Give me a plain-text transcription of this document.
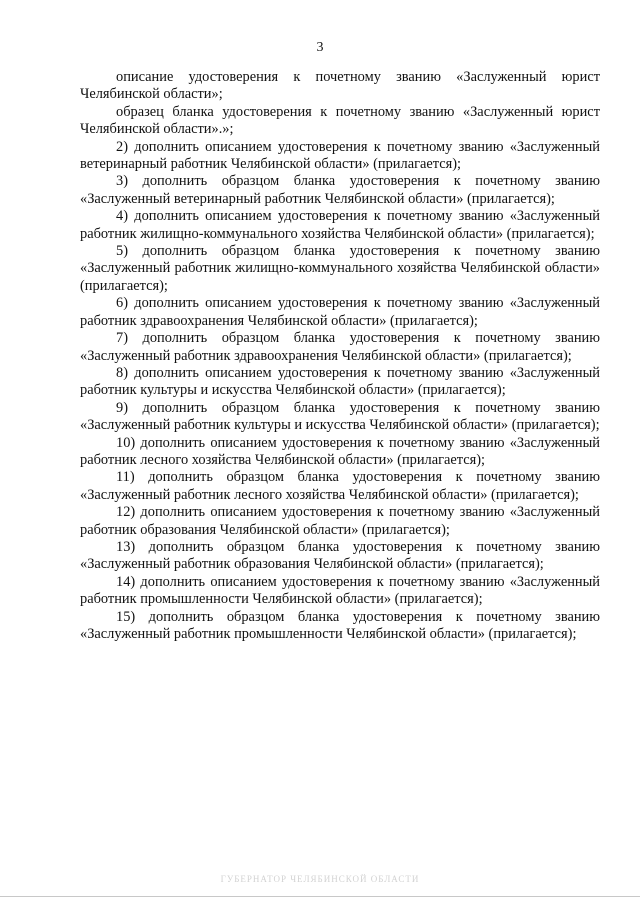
3

описание удостоверения к почетному званию «Заслуженный юрист Челябинской области»;

образец бланка удостоверения к почетному званию «Заслуженный юрист Челябинской области».»;

2) дополнить описанием удостоверения к почетному званию «Заслуженный ветеринарный работник Челябинской области» (прилагается);

3) дополнить образцом бланка удостоверения к почетному званию «Заслуженный ветеринарный работник Челябинской области» (прилагается);

4) дополнить описанием удостоверения к почетному званию «Заслуженный работник жилищно-коммунального хозяйства Челябинской области» (прилагается);

5) дополнить образцом бланка удостоверения к почетному званию «Заслуженный работник жилищно-коммунального хозяйства Челябинской области» (прилагается);

6) дополнить описанием удостоверения к почетному званию «Заслуженный работник здравоохранения Челябинской области» (прилагается);

7) дополнить образцом бланка удостоверения к почетному званию «Заслуженный работник здравоохранения Челябинской области» (прилагается);

8) дополнить описанием удостоверения к почетному званию «Заслуженный работник культуры и искусства Челябинской области» (прилагается);

9) дополнить образцом бланка удостоверения к почетному званию «Заслуженный работник культуры и искусства Челябинской области» (прилагается);

10) дополнить описанием удостоверения к почетному званию «Заслуженный работник лесного хозяйства Челябинской области» (прилагается);

11) дополнить образцом бланка удостоверения к почетному званию «Заслуженный работник лесного хозяйства Челябинской области» (прилагается);

12) дополнить описанием удостоверения к почетному званию «Заслуженный работник образования Челябинской области» (прилагается);

13) дополнить образцом бланка удостоверения к почетному званию «Заслуженный работник образования Челябинской области» (прилагается);

14) дополнить описанием удостоверения к почетному званию «Заслуженный работник промышленности Челябинской области» (прилагается);

15) дополнить образцом бланка удостоверения к почетному званию «Заслуженный работник промышленности Челябинской области» (прилагается);

ГУБЕРНАТОР ЧЕЛЯБИНСКОЙ ОБЛАСТИ
